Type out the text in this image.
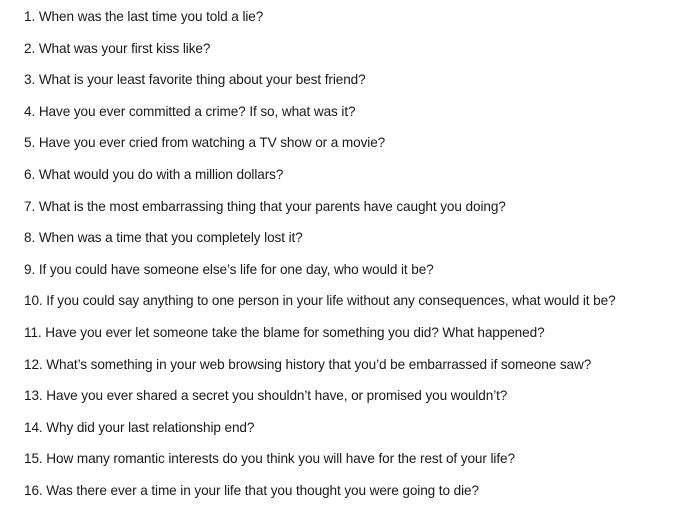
1. When was the last time you told a lie?
2. What was your first kiss like?
3. What is your least favorite thing about your best friend?
4. Have you ever committed a crime? If so, what was it?
5. Have you ever cried from watching a TV show or a movie?
6. What would you do with a million dollars?
7. What is the most embarrassing thing that your parents have caught you doing?
8. When was a time that you completely lost it?
9. If you could have someone else’s life for one day, who would it be?
10. If you could say anything to one person in your life without any consequences, what would it be?
11. Have you ever let someone take the blame for something you did? What happened?
12. What’s something in your web browsing history that you’d be embarrassed if someone saw?
13. Have you ever shared a secret you shouldn’t have, or promised you wouldn’t?
14. Why did your last relationship end?
15. How many romantic interests do you think you will have for the rest of your life?
16. Was there ever a time in your life that you thought you were going to die?
